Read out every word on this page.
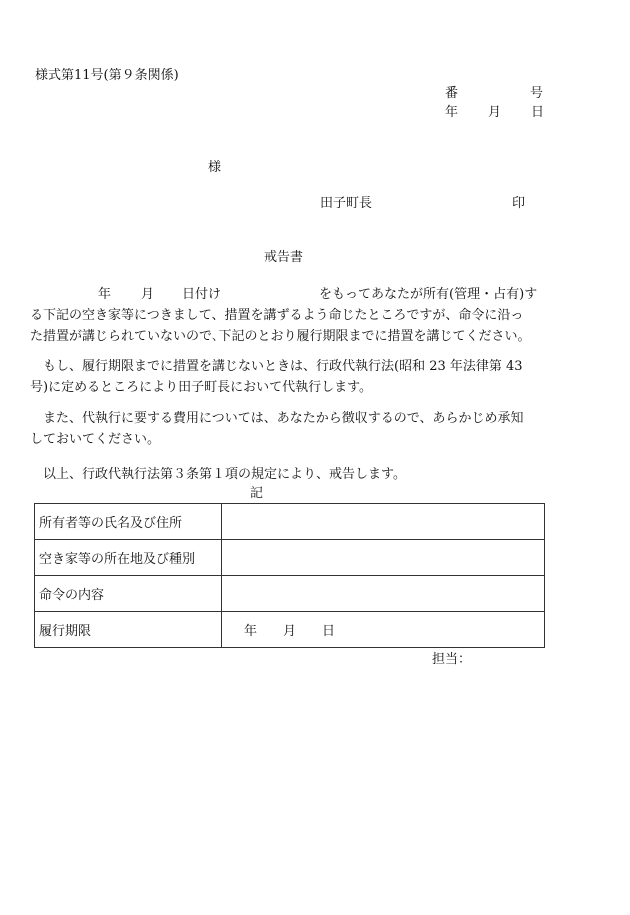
様式第11号(第９条関係)
番	号
年 月 日
様
田子町長	印
戒告書

年 月 日付け	をもってあなたが所有(管理・占有)す

る下記の空き家等につきまして、措置を講ずるよう命じたところですが、命令に沿っ

た措置が講じられていないので､下記のとおり履行期限までに措置を講じてください。

もし、履行期限までに措置を講じないときは、行政代執行法(昭和 23 年法律第 43

号)に定めるところにより田子町長において代執行します。

また、代執行に要する費用については、あなたから徴収するので、あらかじめ承知

しておいてください。

以上、行政代執行法第３条第１項の規定により、戒告します。

記
所有者等の氏名及び住所	
空き家等の所在地及び種別	
命令の内容	
履行期限	年 月 日
担当：
